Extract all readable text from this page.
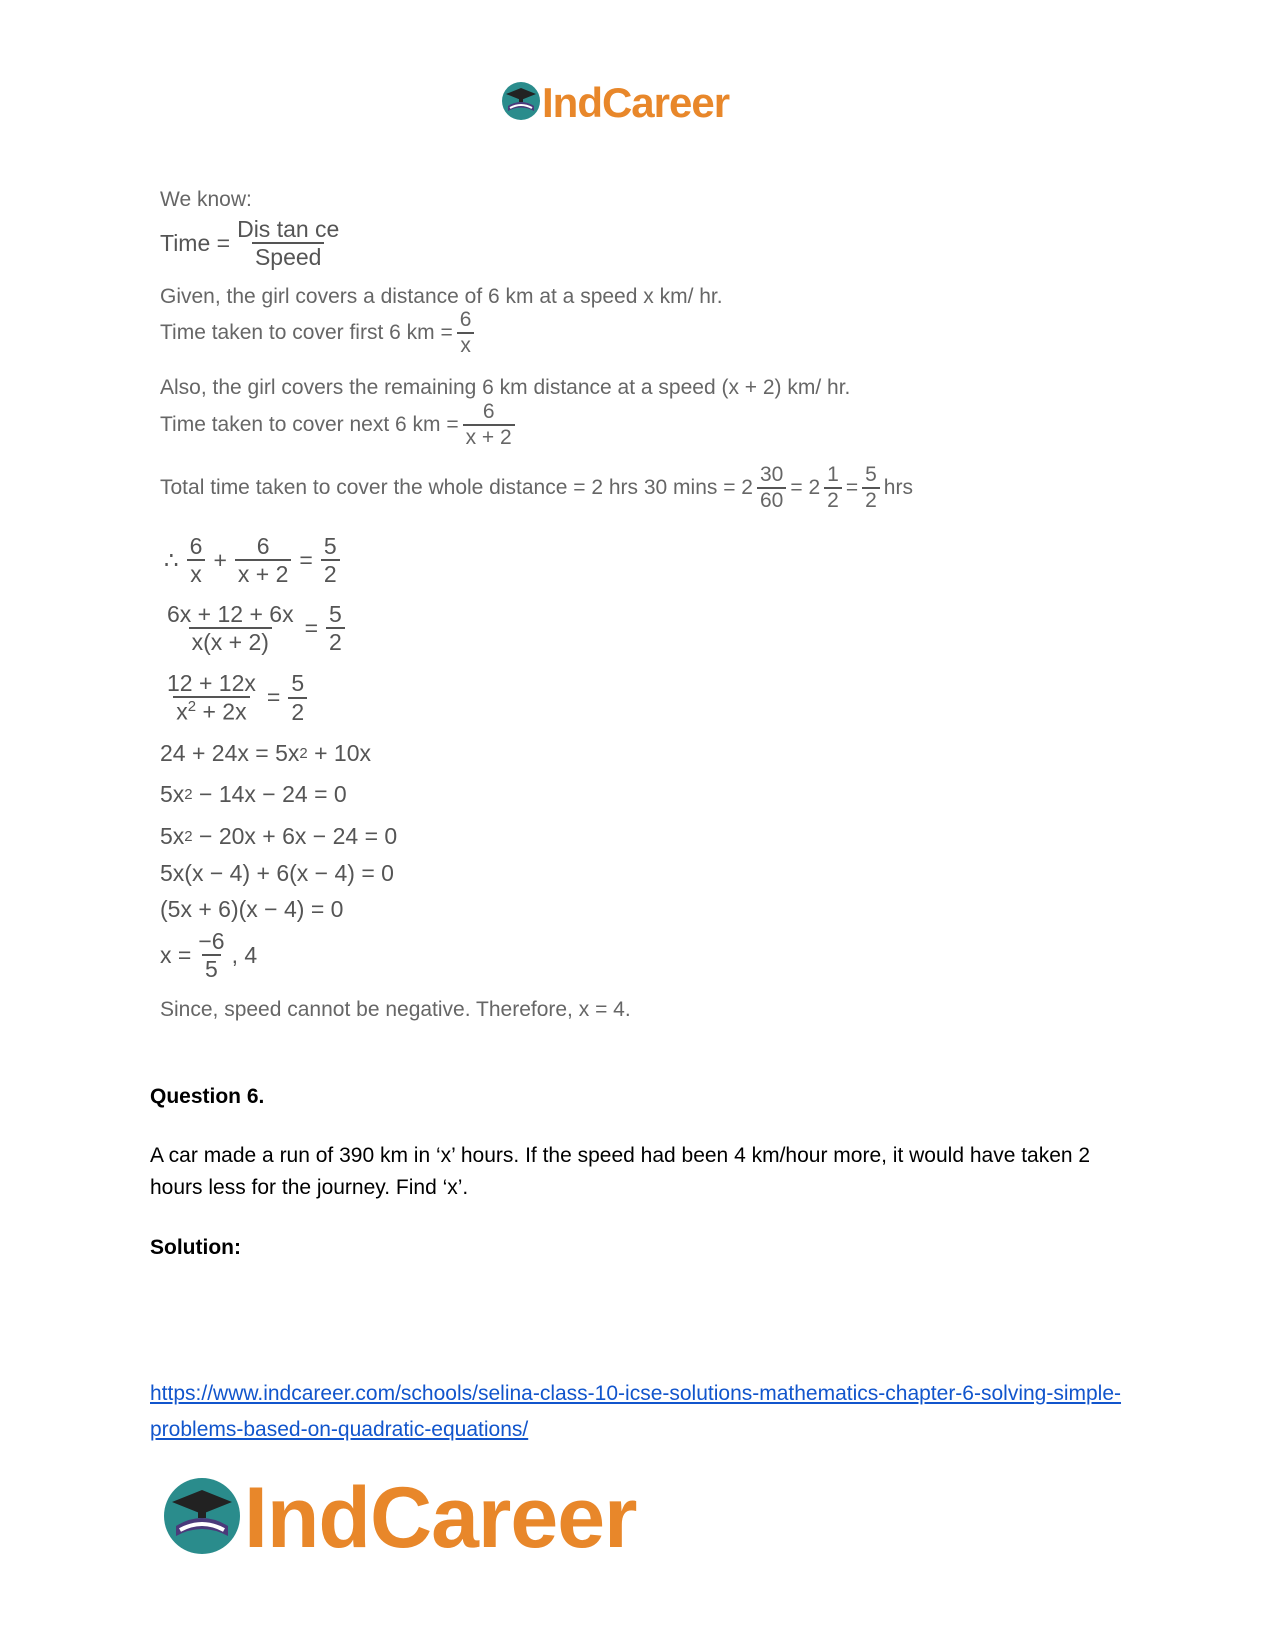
IndCareer
We know:
Time = $\frac{\text{Dis tan ce}}{\text{Speed}}$
Given, the girl covers a distance of 6 km at a speed x km/ hr.
Time taken to cover first 6 km = $\frac{6}{x}$
Also, the girl covers the remaining 6 km distance at a speed (x + 2) km/ hr.
Time taken to cover next 6 km = $\frac{6}{x + 2}$
Total time taken to cover the whole distance = 2 hrs 30 $\min s = 2 \frac{30}{60} = 2 \frac{1}{2} = \frac{5}{2}$ hrs
∴ $\frac{6}{x} + \frac{6}{x + 2} = \frac{5}{2}$
$\frac{6x + 12 + 6x}{x(x + 2)} = \frac{5}{2}$
$\frac{12 + 12x}{x^2 + 2x} = \frac{5}{2}$
24 + 24x = 5x 2 + 10x
5x 2 − 14x − 24 = 0
5x 2 − 20x + 6x − 24 = 0
5x(x − 4) + 6(x − 4) = 0
(5x + 6)(x − 4) = 0
$x = \frac{-6}{5}$ , 4
Since, speed cannot be negative. Therefore, x = 4.
Question 6.
A car made a run of 390 km in ‘x’ hours. If the speed had been 4 km/hour more, it would have taken 2 hours less for the journey. Find ‘x’.
Solution:
https://www.indcareer.com/schools/selina-class-10-icse-solutions-mathematics-chapter-6-solving-simple-problems-based-on-quadratic-equations/
IndCareer
